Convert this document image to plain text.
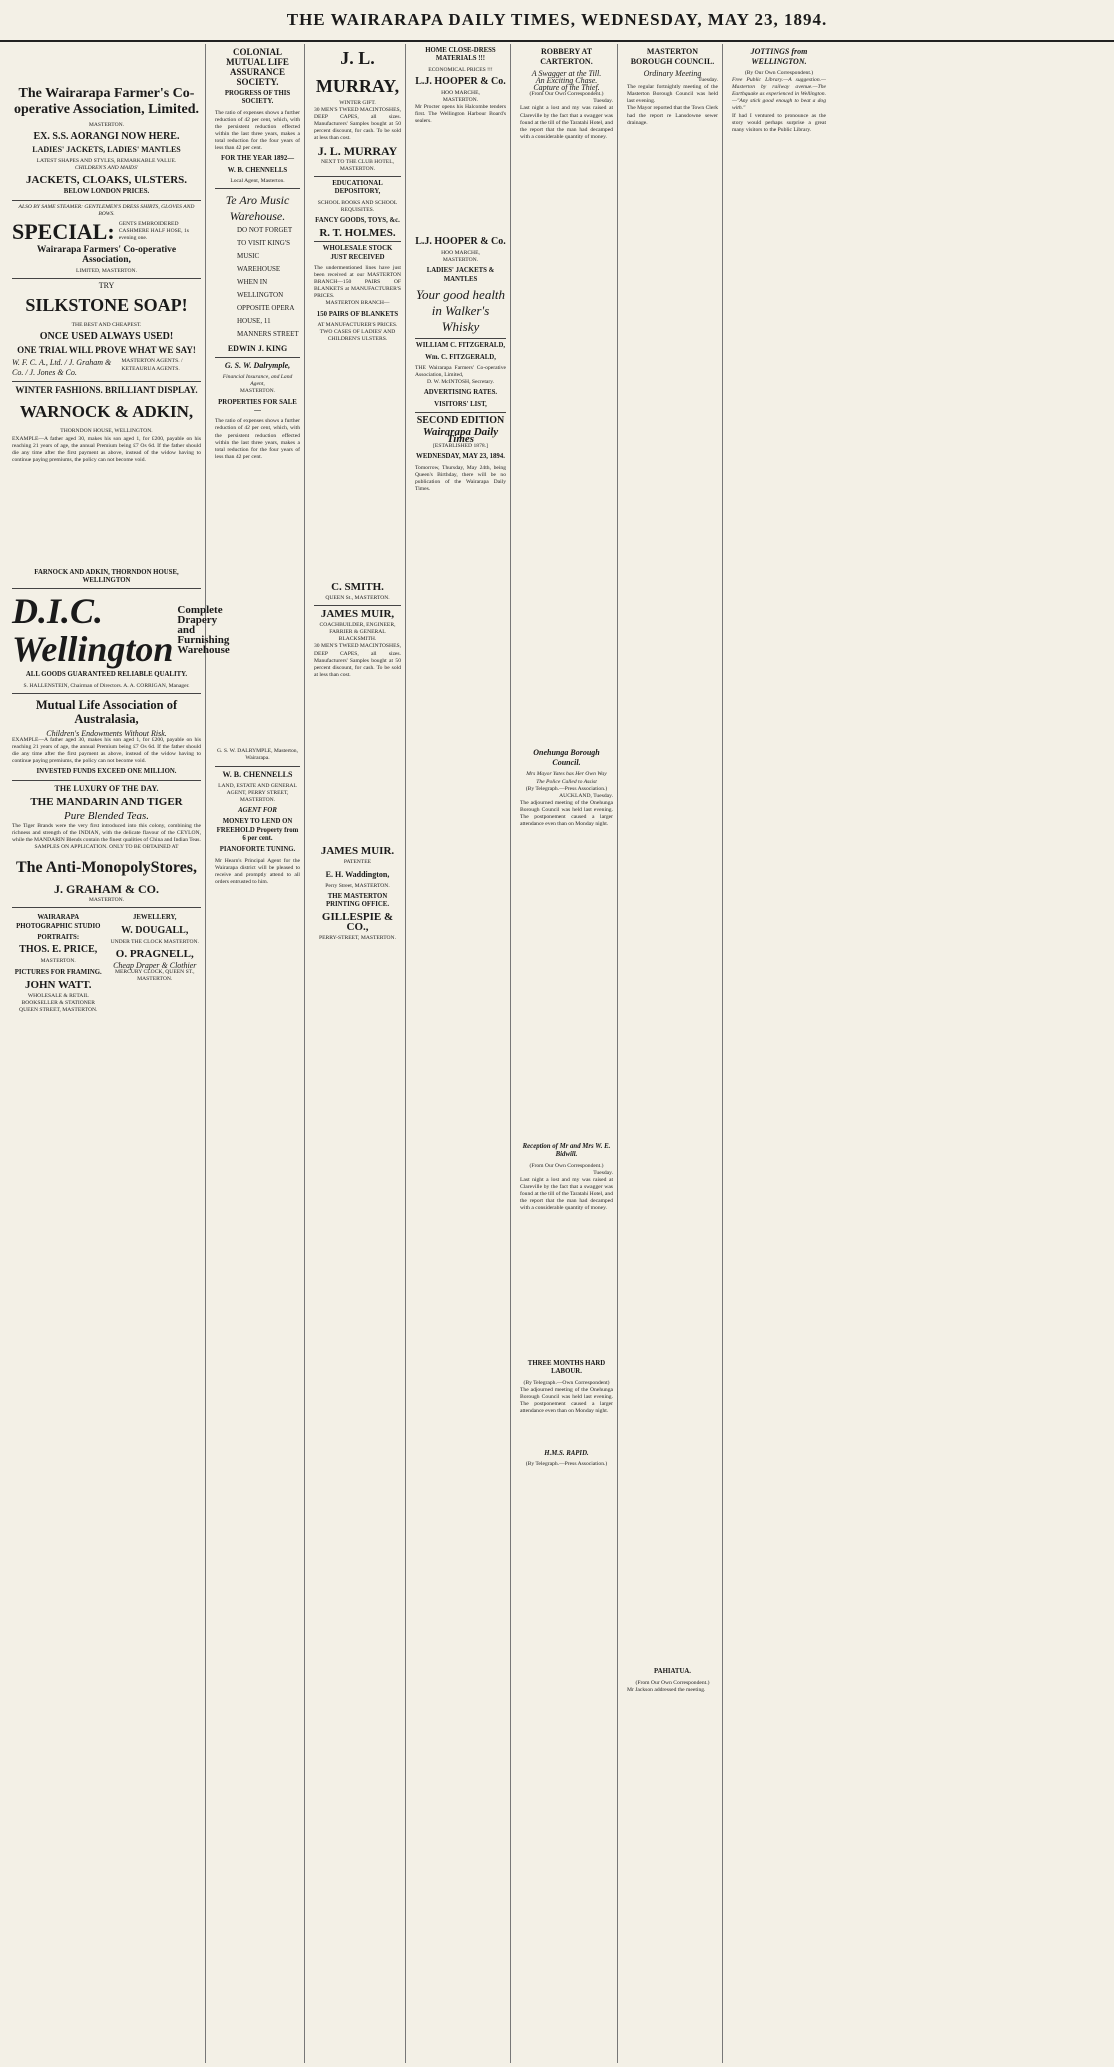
THE WAIRARAPA DAILY TIMES, WEDNESDAY, MAY 23, 1894.
The Wairarapa Farmer's Co-operative Association, Limited.
MASTERTON.
EX. S.S. AORANGI NOW HERE.
LADIES' JACKETS, LADIES' MANTLES
LATEST SHAPES AND STYLES, REMARKABLE VALUE.
CHILDREN'S AND MAIDS'
JACKETS, CLOAKS, ULSTERS.
BELOW LONDON PRICES.
ALSO BY SAME STEAMER: GENTLEMEN'S DRESS SHIRTS, GLOVES AND BOWS.
SPECIAL: GENTS EMBROIDERED CASHMERE HALF HOSE, 1s evening one.
Wairarapa Farmers' Co-operative Association,
LIMITED, MASTERTON.
TRY
SILKSTONE SOAP!
THE BEST AND CHEAPEST.
ONCE USED ALWAYS USED!
ONE TRIAL WILL PROVE WHAT WE SAY!
W. F. C. A., Ltd. / J. Graham & Co. / J. Jones & Co.
MASTERTON AGENTS. / KETEAURUA AGENTS.
WINTER FASHIONS. BRILLIANT DISPLAY.
WARNOCK & ADKIN,
THORNDON HOUSE, WELLINGTON.
EXAMPLE—A father aged 30, makes his son aged 1, for £200, payable on his reaching 21 years of age, the annual Premium being £7 Os 6d. If the father should die any time after the first payment as above, instead of the widow having to continue paying premiums, the policy can not become void.
FARNOCK AND ADKIN, THORNDON HOUSE, WELLINGTON
D.I.C. Wellington
Complete Drapery and Furnishing Warehouse
ALL GOODS GUARANTEED RELIABLE QUALITY.
S. HALLENSTEIN, Chairman of Directors. A. A. CORRIGAN, Manager.
Mutual Life Association of Australasia,
Children's Endowments Without Risk.
EXAMPLE—A father aged 30, makes his son aged 1, for £200, payable on his reaching 21 years of age, the annual Premium being £7 Os 6d. If the father should die any time after the first payment as above, instead of the widow having to continue paying premiums, the policy can not become void.
INVESTED FUNDS EXCEED ONE MILLION.
THE LUXURY OF THE DAY.
THE MANDARIN AND TIGER
Pure Blended Teas.
The Tiger Brands were the very first introduced into this colony, combining the richness and strength of the INDIAN, with the delicate flavour of the CEYLON, while the MANDARIN Blends contain the finest qualities of China and Indian Teas.
SAMPLES ON APPLICATION. ONLY TO BE OBTAINED AT
The Anti-MonopolyStores,
J. GRAHAM & CO.
MASTERTON.
WAIRARAPA PHOTOGRAPHIC STUDIO
PORTRAITS:
THOS. E. PRICE,
MASTERTON.
PICTURES FOR FRAMING.
JOHN WATT.
WHOLESALE & RETAIL BOOKSELLER & STATIONER
QUEEN STREET, MASTERTON.
JEWELLERY,
W. DOUGALL,
UNDER THE CLOCK MASTERTON.
O. PRAGNELL,
Cheap Draper & Clothier
MERCURY CLOCK, QUEEN ST., MASTERTON.
COLONIAL MUTUAL LIFE ASSURANCE SOCIETY.
PROGRESS OF THIS SOCIETY.
The ratio of expenses shows a further reduction of 42 per cent, which, with the persistent reduction effected within the last three years, makes a total reduction for the four years of less than 42 per cent.
FOR THE YEAR 1892—
W. B. CHENNELLS
Local Agent, Masterton.
Te Aro Music Warehouse.
DO NOT FORGET TO VISIT KING'S MUSIC WAREHOUSE WHEN IN WELLINGTON OPPOSITE OPERA HOUSE, 11 MANNERS STREET
EDWIN J. KING
G. S. W. Dalrymple,
Financial Insurance, and Land Agent,
MASTERTON.
PROPERTIES FOR SALE—
The ratio of expenses shows a further reduction of 42 per cent, which, with the persistent reduction effected within the last three years, makes a total reduction for the four years of less than 42 per cent.
G. S. W. DALRYMPLE, Masterton, Wairarapa.
W. B. CHENNELLS
LAND, ESTATE AND GENERAL AGENT, PERRY STREET, MASTERTON.
AGENT FOR
MONEY TO LEND ON FREEHOLD Property from 6 per cent.
PIANOFORTE TUNING.
Mr Hearn's Principal Agent for the Wairarapa district will be pleased to receive and promptly attend to all orders entrusted to him.
J. L. MURRAY,
WINTER GIFT.
30 MEN'S TWEED MACINTOSHES, DEEP CAPES, all sizes. Manufacturers' Samples bought at 50 percent discount, for cash. To be sold at less than cost.
J. L. MURRAY
NEXT TO THE CLUB HOTEL,
MASTERTON.
EDUCATIONAL DEPOSITORY,
SCHOOL BOOKS AND SCHOOL REQUISITES.
FANCY GOODS, TOYS, &c.
R. T. HOLMES.
WHOLESALE STOCK JUST RECEIVED
The undermentioned lines have just been received at our MASTERTON BRANCH—150 PAIRS OF BLANKETS at MANUFACTURER'S PRICES.
MASTERTON BRANCH—
150 PAIRS OF BLANKETS
AT MANUFACTURER'S PRICES.
TWO CASES OF LADIES' AND CHILDREN'S ULSTERS.
C. SMITH.
QUEEN St., MASTERTON.
JAMES MUIR,
COACHBUILDER, ENGINEER, FARRIER & GENERAL BLACKSMITH.
30 MEN'S TWEED MACINTOSHES, DEEP CAPES, all sizes. Manufacturers' Samples bought at 50 percent discount, for cash. To be sold at less than cost.
JAMES MUIR.
PATENTEE
E. H. Waddington,
Perry Street, MASTERTON.
THE MASTERTON PRINTING OFFICE.
GILLESPIE & CO.,
PERRY-STREET, MASTERTON.
HOME CLOSE-DRESS MATERIALS !!!
ECONOMICAL PRICES !!!
L.J. HOOPER & Co.
HOO MARCHE,
MASTERTON.
Mr Procter opens his Halcombe tenders first. The Wellington Harbour Board's sealers.
L.J. HOOPER & Co.
HOO MARCHE,
MASTERTON.
LADIES' JACKETS & MANTLES
Your good health in Walker's Whisky
WILLIAM C. FITZGERALD,
Wm. C. FITZGERALD,
THE Wairarapa Farmers' Co-operative Association, Limited,
D. W. McINTOSH, Secretary.
ADVERTISING RATES.
VISITORS' LIST,
SECOND EDITION
Wairarapa Daily Times
[ESTABLISHED 1878.]
WEDNESDAY, MAY 23, 1894.
Tomorrow, Thursday, May 24th, being Queen's Birthday, there will be no publication of the Wairarapa Daily Times.
ROBBERY AT CARTERTON.
A Swagger at the Till.
An Exciting Chase.
Capture of the Thief.
(From Our Own Correspondent.)
Tuesday.
Last night a lost and my was raised at Clareville by the fact that a swagger was found at the till of the Taratahi Hotel, and the report that the man had decamped with a considerable quantity of money.
Onehunga Borough Council.
Mrs Mayor Yates has Her Own Way
The Police Called to Assist
(By Telegraph.—Press Association.)
AUCKLAND, Tuesday.
The adjourned meeting of the Onehunga Borough Council was held last evening. The postponement caused a larger attendance even than on Monday night.
Reception of Mr and Mrs W. E. Bidwill.
(From Our Own Correspondent.)
Tuesday.
Last night a lost and my was raised at Clareville by the fact that a swagger was found at the till of the Taratahi Hotel, and the report that the man had decamped with a considerable quantity of money.
THREE MONTHS HARD LABOUR.
(By Telegraph.—Own Correspondent)
The adjourned meeting of the Onehunga Borough Council was held last evening. The postponement caused a larger attendance even than on Monday night.
H.M.S. RAPID.
(By Telegraph.—Press Association.)
MASTERTON BOROUGH COUNCIL.
Ordinary Meeting
Tuesday.
The regular fortnightly meeting of the Masterton Borough Council was held last evening.
The Mayor reported that the Town Clerk had the report re Lansdowne sewer drainage.
PAHIATUA.
(From Our Own Correspondent.)
Mr Jackson addressed the meeting.
JOTTINGS from WELLINGTON.
(By Our Own Correspondent.)
Free Public Library.—A suggestion.—Masterton by railway avenue.—The Earthquake as experienced in Wellington.—"Any stick good enough to beat a dog with."
If had I ventured to pronounce as the story would perhaps surprise a great many visitors to the Public Library.
